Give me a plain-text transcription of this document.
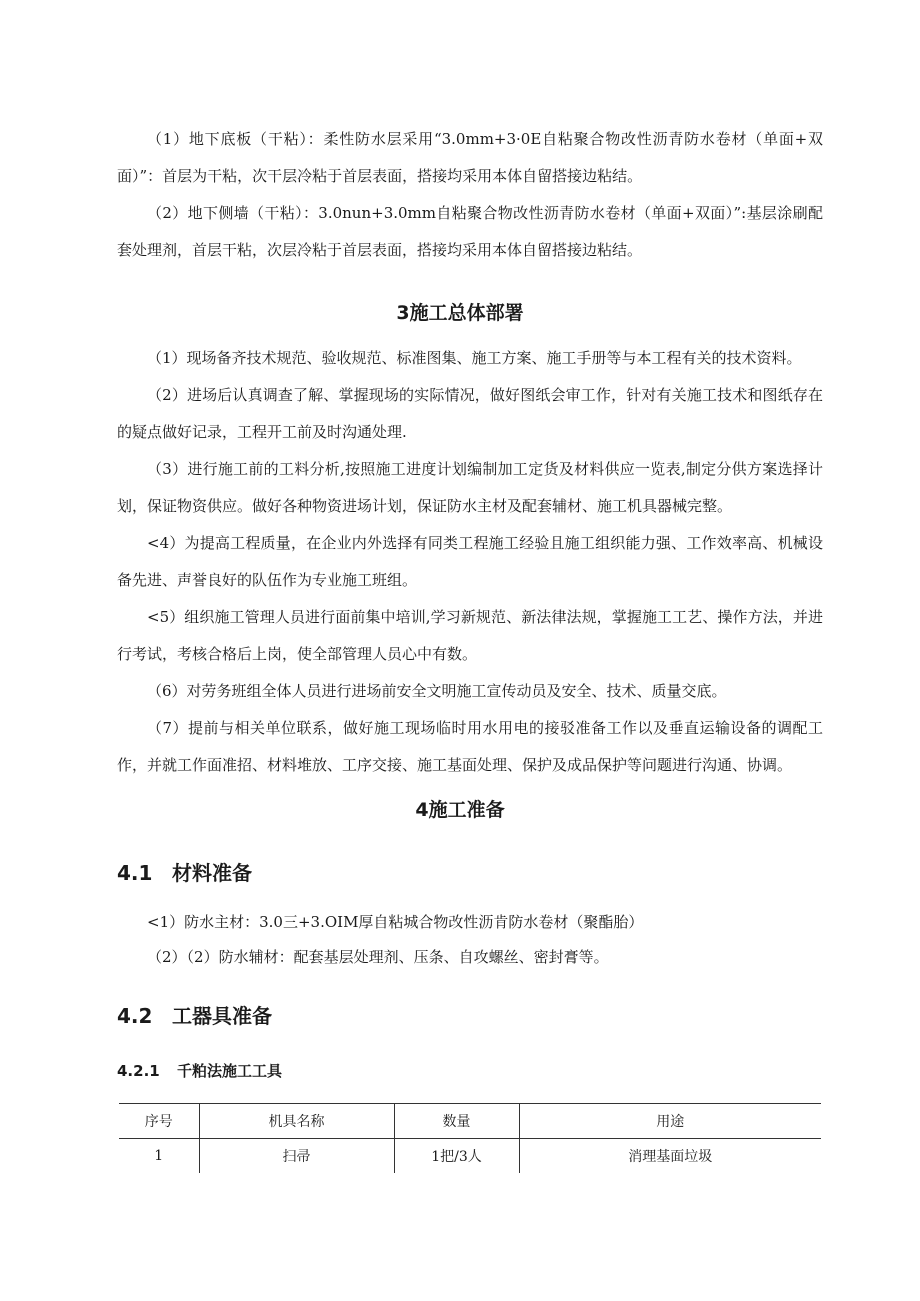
（1）地下底板（干粘）：柔性防水层采用“3.0mm+3·0E自粘聚合物改性沥青防水卷材（单面+双面）”：首层为干粘，次干层冷粘于首层表面，搭接均采用本体自留搭接边粘结。

（2）地下侧墙（干粘）：3.0nun+3.0mm自粘聚合物改性沥青防水卷材（单面+双面）”:基层涂刷配套处理剂，首层干粘，次层冷粘于首层表面，搭接均采用本体自留搭接边粘结。

3施工总体部署

（1）现场备齐技术规范、验收规范、标准图集、施工方案、施工手册等与本工程有关的技术资料。

（2）进场后认真调查了解、掌握现场的实际情况，做好图纸会审工作，针对有关施工技术和图纸存在的疑点做好记录，工程开工前及时沟通处理.

（3）进行施工前的工料分析,按照施工进度计划编制加工定货及材料供应一览表,制定分供方案选择计划，保证物资供应。做好各种物资进场计划，保证防水主材及配套辅材、施工机具器械完整。

<4）为提高工程质量，在企业内外选择有同类工程施工经验且施工组织能力强、工作效率高、机械设备先进、声誉良好的队伍作为专业施工班组。

<5）组织施工管理人员进行面前集中培训,学习新规范、新法律法规，掌握施工工艺、操作方法，并进行考试，考核合格后上岗，使全部管理人员心中有数。

（6）对劳务班组全体人员进行进场前安全文明施工宣传动员及安全、技术、质量交底。

（7）提前与相关单位联系，做好施工现场临时用水用电的接驳准备工作以及垂直运输设备的调配工作，并就工作面准招、材料堆放、工序交接、施工基面处理、保护及成品保护等问题进行沟通、协调。

4施工准备
4.1 材料准备

<1）防水主材：3.0三+3.OIM厚自粘城合物改性沥肯防水卷材（聚酯胎）

（2）（2）防水辅材：配套基层处理剂、压条、自攻螺丝、密封膏等。

4.2 工器具准备
4.2.1 千粕法施工工具
序号	机具名称	数量	用途
1	扫帚	1把/3人	消理基面垃圾
